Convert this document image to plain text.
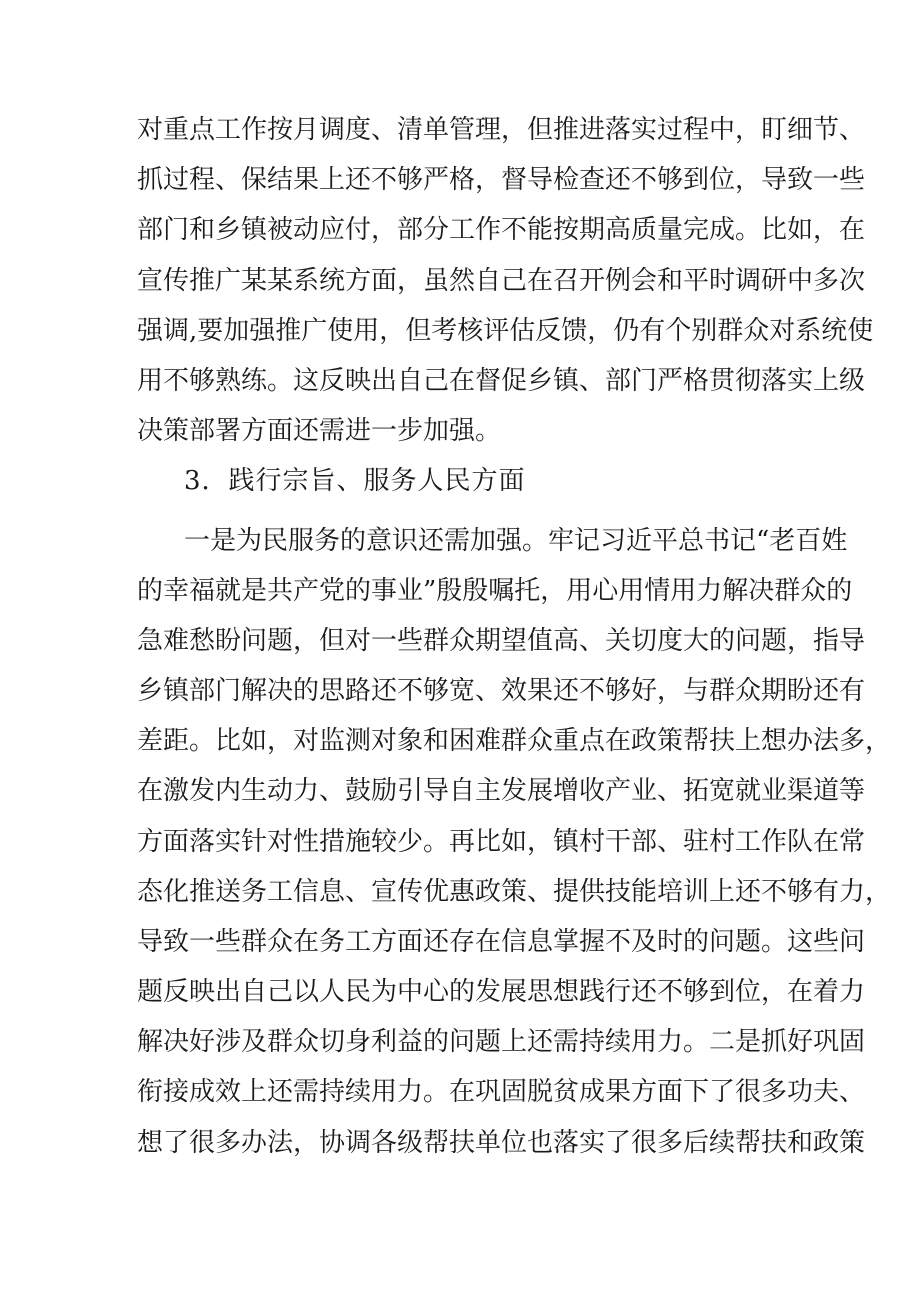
对重点工作按月调度、清单管理，但推进落实过程中，盯细节、
抓过程、保结果上还不够严格，督导检查还不够到位，导致一些
部门和乡镇被动应付，部分工作不能按期高质量完成。比如，在
宣传推广某某系统方面，虽然自己在召开例会和平时调研中多次
强调,要加强推广使用，但考核评估反馈，仍有个别群众对系统使
用不够熟练。这反映出自己在督促乡镇、部门严格贯彻落实上级
决策部署方面还需进一步加强。
3．践行宗旨、服务人民方面
一是为民服务的意识还需加强。牢记习近平总书记“老百姓
的幸福就是共产党的事业”殷殷嘱托，用心用情用力解决群众的
急难愁盼问题，但对一些群众期望值高、关切度大的问题，指导
乡镇部门解决的思路还不够宽、效果还不够好，与群众期盼还有
差距。比如，对监测对象和困难群众重点在政策帮扶上想办法多，
在激发内生动力、鼓励引导自主发展增收产业、拓宽就业渠道等
方面落实针对性措施较少。再比如，镇村干部、驻村工作队在常
态化推送务工信息、宣传优惠政策、提供技能培训上还不够有力，
导致一些群众在务工方面还存在信息掌握不及时的问题。这些问
题反映出自己以人民为中心的发展思想践行还不够到位，在着力
解决好涉及群众切身利益的问题上还需持续用力。二是抓好巩固
衔接成效上还需持续用力。在巩固脱贫成果方面下了很多功夫、
想了很多办法，协调各级帮扶单位也落实了很多后续帮扶和政策
